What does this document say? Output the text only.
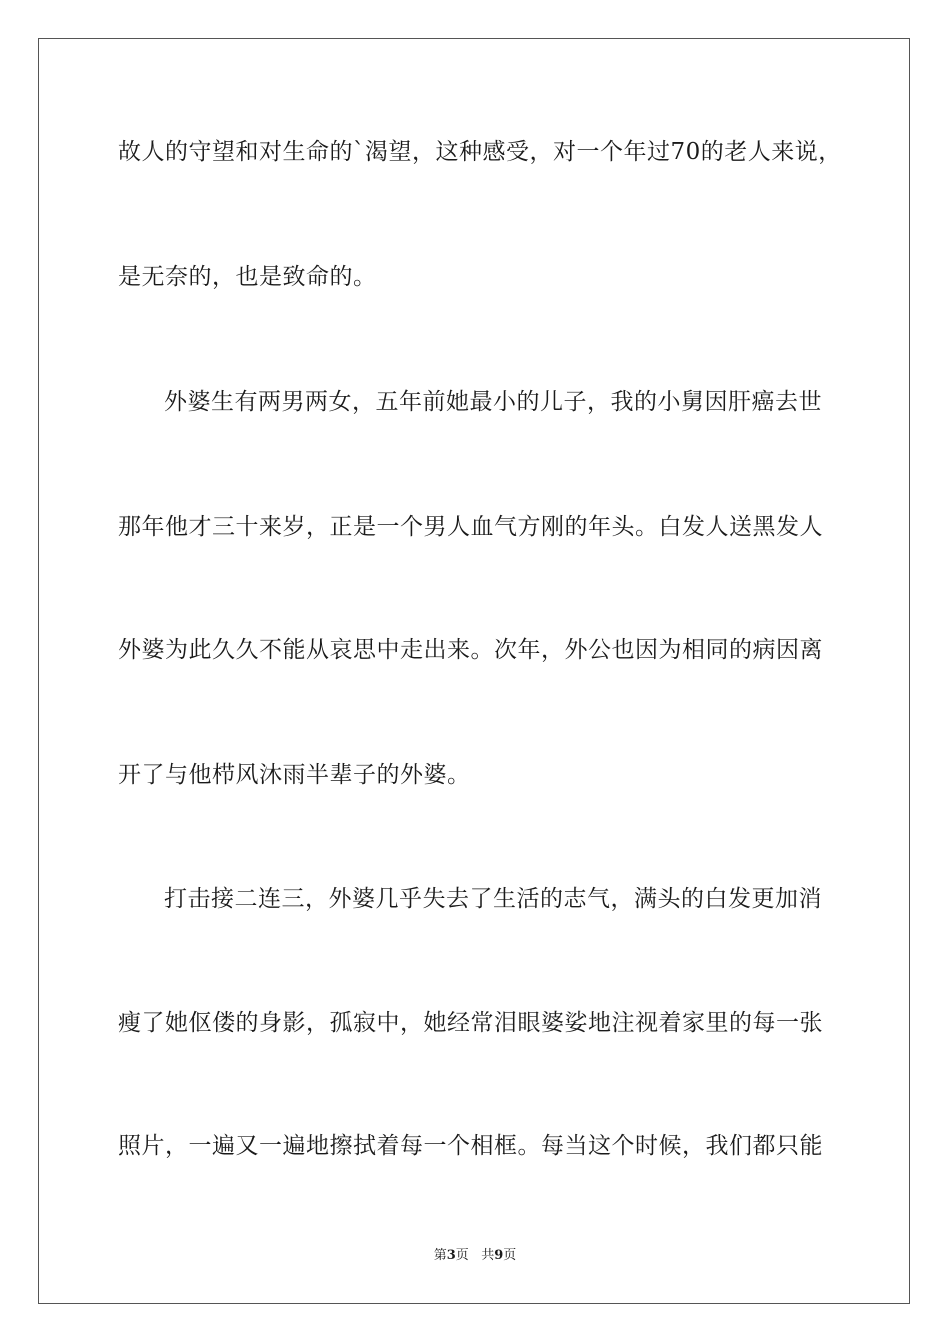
故人的守望和对生命的`渴望，这种感受，对一个年过70的老人来说，
是无奈的，也是致命的。
外婆生有两男两女，五年前她最小的儿子，我的小舅因肝癌去世
那年他才三十来岁，正是一个男人血气方刚的年头。白发人送黑发人
外婆为此久久不能从哀思中走出来。次年，外公也因为相同的病因离
开了与他栉风沐雨半辈子的外婆。
打击接二连三，外婆几乎失去了生活的志气，满头的白发更加消
瘦了她伛偻的身影，孤寂中，她经常泪眼婆娑地注视着家里的每一张
照片，一遍又一遍地擦拭着每一个相框。每当这个时候，我们都只能
第3页 共9页
